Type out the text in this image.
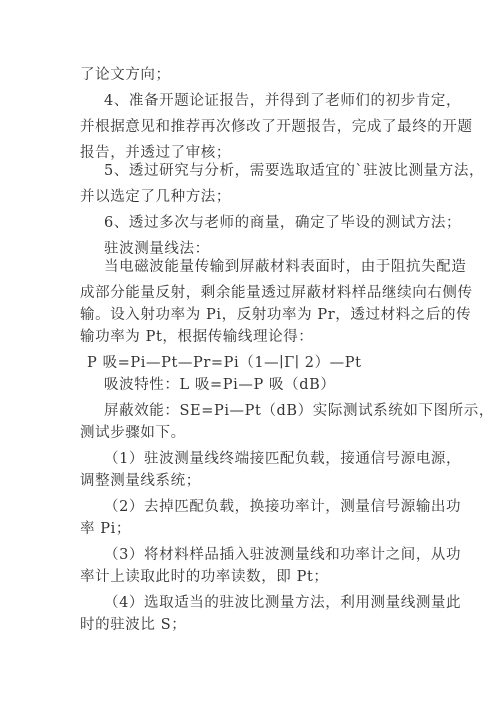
了论文方向；
4、准备开题论证报告，并得到了老师们的初步肯定，
并根据意见和推荐再次修改了开题报告，完成了最终的开题
报告，并透过了审核；
5、透过研究与分析，需要选取适宜的`驻波比测量方法，
并以选定了几种方法；
6、透过多次与老师的商量，确定了毕设的测试方法；
驻波测量线法：
当电磁波能量传输到屏蔽材料表面时，由于阻抗失配造
成部分能量反射，剩余能量透过屏蔽材料样品继续向右侧传
输。设入射功率为 Pi，反射功率为 Pr，透过材料之后的传
输功率为 Pt，根据传输线理论得：
P 吸=Pi—Pt—Pr=Pi（1—∣Γ∣ 2）—Pt
吸波特性：L 吸=Pi—P 吸（dB）
屏蔽效能：SE=Pi—Pt（dB）实际测试系统如下图所示，
测试步骤如下。
（1）驻波测量线终端接匹配负载，接通信号源电源，
调整测量线系统；
（2）去掉匹配负载，换接功率计，测量信号源输出功
率 Pi；
（3）将材料样品插入驻波测量线和功率计之间，从功
率计上读取此时的功率读数，即 Pt；
（4）选取适当的驻波比测量方法，利用测量线测量此
时的驻波比 S；
